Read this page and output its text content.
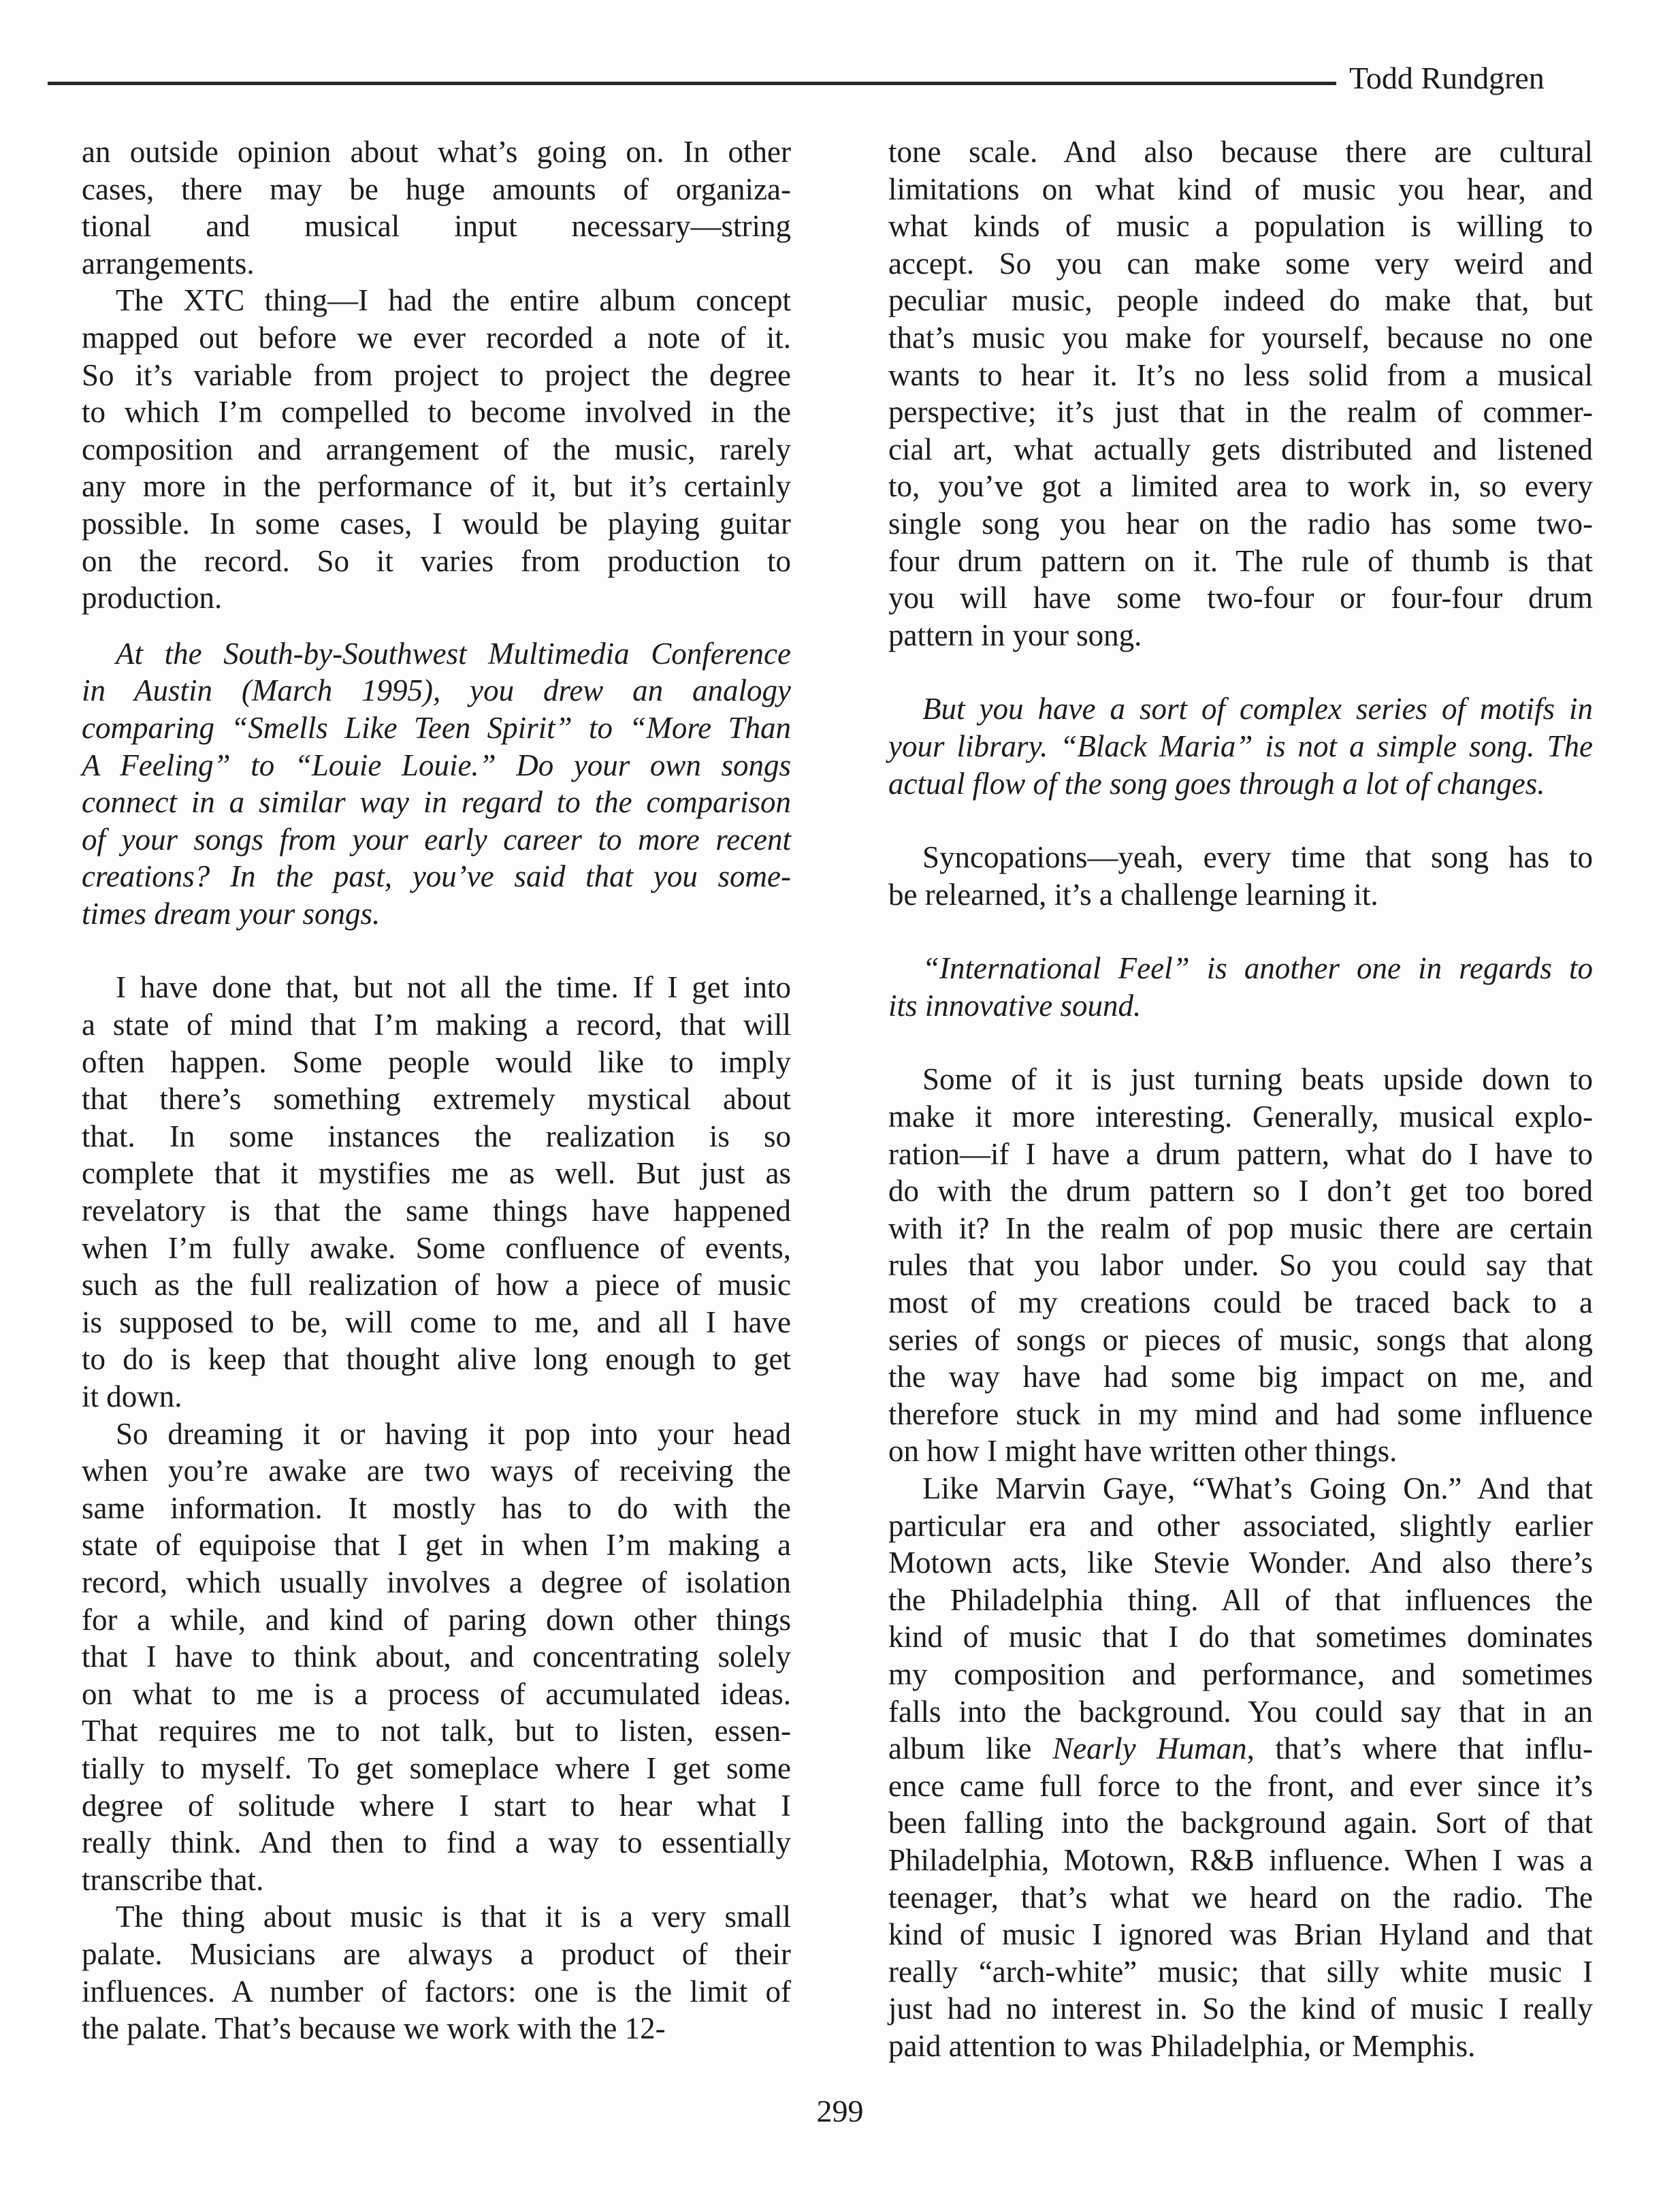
Todd Rundgren
an outside opinion about what’s going on. In other
cases, there may be huge amounts of organiza-
tional and musical input necessary—string
arrangements.
The XTC thing—I had the entire album concept
mapped out before we ever recorded a note of it.
So it’s variable from project to project the degree
to which I’m compelled to become involved in the
composition and arrangement of the music, rarely
any more in the performance of it, but it’s certainly
possible. In some cases, I would be playing guitar
on the record. So it varies from production to
production.
At the South-by-Southwest Multimedia Conference
in Austin (March 1995), you drew an analogy
comparing “Smells Like Teen Spirit” to “More Than
A Feeling” to “Louie Louie.” Do your own songs
connect in a similar way in regard to the comparison
of your songs from your early career to more recent
creations? In the past, you’ve said that you some-
times dream your songs.
I have done that, but not all the time. If I get into
a state of mind that I’m making a record, that will
often happen. Some people would like to imply
that there’s something extremely mystical about
that. In some instances the realization is so
complete that it mystifies me as well. But just as
revelatory is that the same things have happened
when I’m fully awake. Some confluence of events,
such as the full realization of how a piece of music
is supposed to be, will come to me, and all I have
to do is keep that thought alive long enough to get
it down.
So dreaming it or having it pop into your head
when you’re awake are two ways of receiving the
same information. It mostly has to do with the
state of equipoise that I get in when I’m making a
record, which usually involves a degree of isolation
for a while, and kind of paring down other things
that I have to think about, and concentrating solely
on what to me is a process of accumulated ideas.
That requires me to not talk, but to listen, essen-
tially to myself. To get someplace where I get some
degree of solitude where I start to hear what I
really think. And then to find a way to essentially
transcribe that.
The thing about music is that it is a very small
palate. Musicians are always a product of their
influences. A number of factors: one is the limit of
the palate. That’s because we work with the 12-
tone scale. And also because there are cultural
limitations on what kind of music you hear, and
what kinds of music a population is willing to
accept. So you can make some very weird and
peculiar music, people indeed do make that, but
that’s music you make for yourself, because no one
wants to hear it. It’s no less solid from a musical
perspective; it’s just that in the realm of commer-
cial art, what actually gets distributed and listened
to, you’ve got a limited area to work in, so every
single song you hear on the radio has some two-
four drum pattern on it. The rule of thumb is that
you will have some two-four or four-four drum
pattern in your song.
But you have a sort of complex series of motifs in
your library. “Black Maria” is not a simple song. The
actual flow of the song goes through a lot of changes.
Syncopations—yeah, every time that song has to
be relearned, it’s a challenge learning it.
“International Feel” is another one in regards to
its innovative sound.
Some of it is just turning beats upside down to
make it more interesting. Generally, musical explo-
ration—if I have a drum pattern, what do I have to
do with the drum pattern so I don’t get too bored
with it? In the realm of pop music there are certain
rules that you labor under. So you could say that
most of my creations could be traced back to a
series of songs or pieces of music, songs that along
the way have had some big impact on me, and
therefore stuck in my mind and had some influence
on how I might have written other things.
Like Marvin Gaye, “What’s Going On.” And that
particular era and other associated, slightly earlier
Motown acts, like Stevie Wonder. And also there’s
the Philadelphia thing. All of that influences the
kind of music that I do that sometimes dominates
my composition and performance, and sometimes
falls into the background. You could say that in an
album like Nearly Human, that’s where that influ-
ence came full force to the front, and ever since it’s
been falling into the background again. Sort of that
Philadelphia, Motown, R&B influence. When I was a
teenager, that’s what we heard on the radio. The
kind of music I ignored was Brian Hyland and that
really “arch-white” music; that silly white music I
just had no interest in. So the kind of music I really
paid attention to was Philadelphia, or Memphis.
299
